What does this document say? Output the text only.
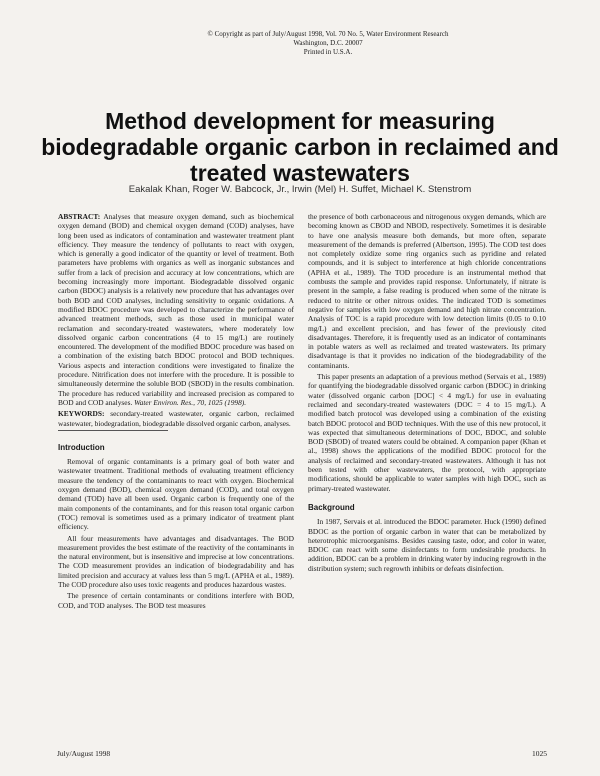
© Copyright as part of July/August 1998, Vol. 70 No. 5, Water Environment Research
Washington, D.C. 20007
Printed in U.S.A.
Method development for measuring biodegradable organic carbon in reclaimed and treated wastewaters
Eakalak Khan, Roger W. Babcock, Jr., Irwin (Mel) H. Suffet, Michael K. Stenstrom

ABSTRACT: Analyses that measure oxygen demand, such as biochemical oxygen demand (BOD) and chemical oxygen demand (COD) analyses, have long been used as indicators of contamination and wastewater treatment plant efficiency. They measure the tendency of pollutants to react with oxygen, which is generally a good indicator of the quantity or level of treatment. Both parameters have problems with organics as well as inorganic substances and suffer from a lack of precision and accuracy at low concentrations, which are becoming increasingly more important. Biodegradable dissolved organic carbon (BDOC) analysis is a relatively new procedure that has advantages over both BOD and COD analyses, including sensitivity to organic oxidations. A modified BDOC procedure was developed to characterize the performance of advanced treatment methods, such as those used in municipal water reclamation and secondary-treated wastewaters, where moderately low dissolved organic carbon concentrations (4 to 15 mg/L) are routinely encountered. The development of the modified BDOC procedure was based on a combination of the existing batch BDOC protocol and BOD techniques. Various aspects and interaction conditions were investigated to finalize the procedure. Nitrification does not interfere with the procedure. It is possible to simultaneously determine the soluble BOD (SBOD) in the results combination. The procedure has reduced variability and increased precision as compared to BOD and COD analyses. Water Environ. Res., 70, 1025 (1998).

KEYWORDS: secondary-treated wastewater, organic carbon, reclaimed wastewater, biodegradation, biodegradable dissolved organic carbon, analyses.

Introduction

Removal of organic contaminants is a primary goal of both water and wastewater treatment. Traditional methods of evaluating treatment efficiency measure the tendency of the contaminants to react with oxygen. Biochemical oxygen demand (BOD), chemical oxygen demand (COD), and total oxygen demand (TOD) have all been used. Organic carbon is frequently one of the main components of the contaminants, and for this reason total organic carbon (TOC) removal is sometimes used as a primary indicator of treatment plant efficiency.

All four measurements have advantages and disadvantages. The BOD measurement provides the best estimate of the reactivity of the contaminants in the natural environment, but is insensitive and imprecise at low concentrations. The COD measurement provides an indication of biodegradability and has limited precision and accuracy at values less than 5 mg/L (APHA et al., 1989). The COD procedure also uses toxic reagents and produces hazardous wastes.

The presence of certain contaminants or conditions interfere with BOD, COD, and TOD analyses. The BOD test measures

the presence of both carbonaceous and nitrogenous oxygen demands, which are becoming known as CBOD and NBOD, respectively. Sometimes it is desirable to have one analysis measure both demands, but more often, separate measurement of the demands is preferred (Albertson, 1995). The COD test does not completely oxidize some ring organics such as pyridine and related compounds, and it is subject to interference at high chloride concentrations (APHA et al., 1989). The TOD procedure is an instrumental method that combusts the sample and provides rapid response. Unfortunately, if nitrate is present in the sample, a false reading is produced when some of the nitrate is reduced to nitrite or other nitrous oxides. The indicated TOD is sometimes negative for samples with low oxygen demand and high nitrate concentration. Analysis of TOC is a rapid procedure with low detection limits (0.05 to 0.10 mg/L) and excellent precision, and has fewer of the previously cited disadvantages. Therefore, it is frequently used as an indicator of contaminants in potable waters as well as reclaimed and treated wastewaters. Its primary disadvantage is that it provides no indication of the biodegradability of the contaminants.

This paper presents an adaptation of a previous method (Servais et al., 1989) for quantifying the biodegradable dissolved organic carbon (BDOC) in drinking water (dissolved organic carbon [DOC] < 4 mg/L) for use in evaluating reclaimed and secondary-treated wastewaters (DOC = 4 to 15 mg/L). A modified batch protocol was developed using a combination of the existing batch BDOC protocol and BOD techniques. With the use of this new protocol, it was expected that simultaneous determinations of DOC, BDOC, and soluble BOD (SBOD) of treated waters could be obtained. A companion paper (Khan et al., 1998) shows the applications of the modified BDOC protocol for the analysis of reclaimed and secondary-treated wastewaters. Although it has not been tested with other wastewaters, the protocol, with appropriate modifications, should be applicable to water samples with high DOC, such as primary-treated wastewater.

Background

In 1987, Servais et al. introduced the BDOC parameter. Huck (1990) defined BDOC as the portion of organic carbon in water that can be metabolized by heterotrophic microorganisms. Besides causing taste, odor, and color in water, BDOC can react with some disinfectants to form undesirable products. In addition, BDOC can be a problem in drinking water by inducing regrowth in the distribution system; such regrowth inhibits or defeats disinfection.

July/August 1998	1025
